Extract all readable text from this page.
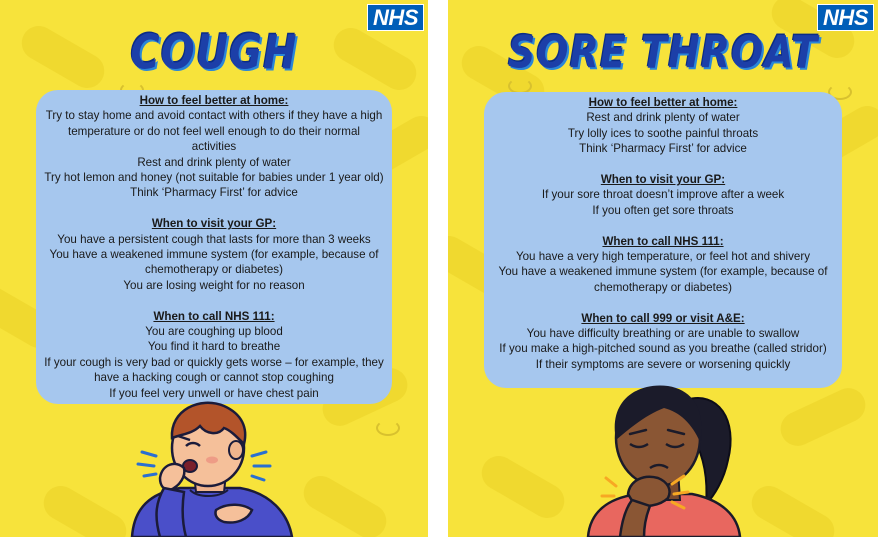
NHS
COUGH
How to feel better at home:
Try to stay home and avoid contact with others if they have a high
temperature or do not feel well enough to do their normal
activities
Rest and drink plenty of water
Try hot lemon and honey (not suitable for babies under 1 year old)
Think ‘Pharmacy First’ for advice
When to visit your GP:
You have a persistent cough that lasts for more than 3 weeks
You have a weakened immune system (for example, because of
chemotherapy or diabetes)
You are losing weight for no reason
When to call NHS 111:
You are coughing up blood
You find it hard to breathe
If your cough is very bad or quickly gets worse – for example, they
have a hacking cough or cannot stop coughing
If you feel very unwell or have chest pain
NHS
SORE THROAT
How to feel better at home:
Rest and drink plenty of water
Try lolly ices to soothe painful throats
Think ‘Pharmacy First’ for advice
When to visit your GP:
If your sore throat doesn’t improve after a week
If you often get sore throats
When to call NHS 111:
You have a very high temperature, or feel hot and shivery
You have a weakened immune system (for example, because of
chemotherapy or diabetes)
When to call 999 or visit A&E:
You have difficulty breathing or are unable to swallow
If you make a high-pitched sound as you breathe (called stridor)
If their symptoms are severe or worsening quickly
